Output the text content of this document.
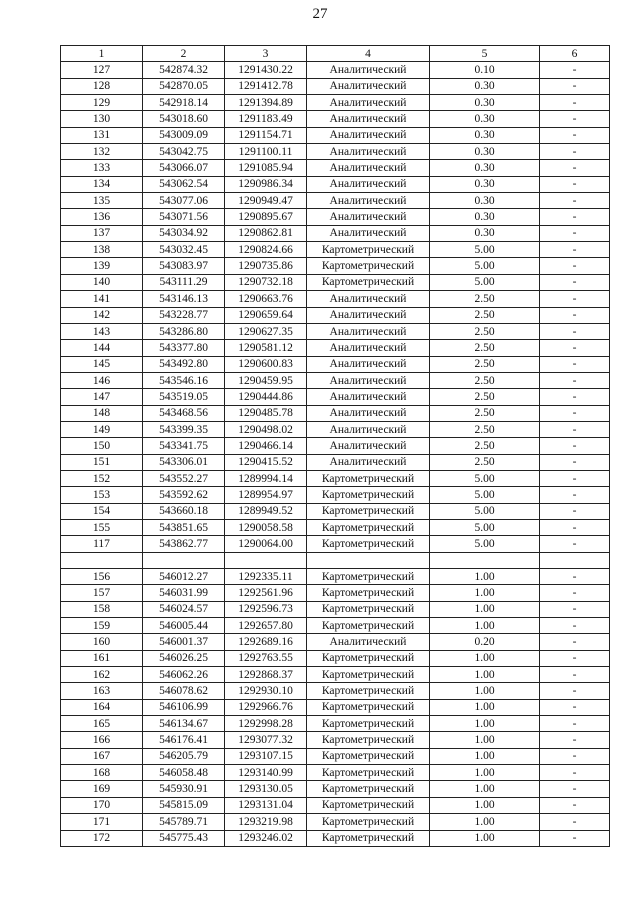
27
1	2	3	4	5	6
127	542874.32	1291430.22	Аналитический	0.10	-
128	542870.05	1291412.78	Аналитический	0.30	-
129	542918.14	1291394.89	Аналитический	0.30	-
130	543018.60	1291183.49	Аналитический	0.30	-
131	543009.09	1291154.71	Аналитический	0.30	-
132	543042.75	1291100.11	Аналитический	0.30	-
133	543066.07	1291085.94	Аналитический	0.30	-
134	543062.54	1290986.34	Аналитический	0.30	-
135	543077.06	1290949.47	Аналитический	0.30	-
136	543071.56	1290895.67	Аналитический	0.30	-
137	543034.92	1290862.81	Аналитический	0.30	-
138	543032.45	1290824.66	Картометрический	5.00	-
139	543083.97	1290735.86	Картометрический	5.00	-
140	543111.29	1290732.18	Картометрический	5.00	-
141	543146.13	1290663.76	Аналитический	2.50	-
142	543228.77	1290659.64	Аналитический	2.50	-
143	543286.80	1290627.35	Аналитический	2.50	-
144	543377.80	1290581.12	Аналитический	2.50	-
145	543492.80	1290600.83	Аналитический	2.50	-
146	543546.16	1290459.95	Аналитический	2.50	-
147	543519.05	1290444.86	Аналитический	2.50	-
148	543468.56	1290485.78	Аналитический	2.50	-
149	543399.35	1290498.02	Аналитический	2.50	-
150	543341.75	1290466.14	Аналитический	2.50	-
151	543306.01	1290415.52	Аналитический	2.50	-
152	543552.27	1289994.14	Картометрический	5.00	-
153	543592.62	1289954.97	Картометрический	5.00	-
154	543660.18	1289949.52	Картометрический	5.00	-
155	543851.65	1290058.58	Картометрический	5.00	-
117	543862.77	1290064.00	Картометрический	5.00	-

156	546012.27	1292335.11	Картометрический	1.00	-
157	546031.99	1292561.96	Картометрический	1.00	-
158	546024.57	1292596.73	Картометрический	1.00	-
159	546005.44	1292657.80	Картометрический	1.00	-
160	546001.37	1292689.16	Аналитический	0.20	-
161	546026.25	1292763.55	Картометрический	1.00	-
162	546062.26	1292868.37	Картометрический	1.00	-
163	546078.62	1292930.10	Картометрический	1.00	-
164	546106.99	1292966.76	Картометрический	1.00	-
165	546134.67	1292998.28	Картометрический	1.00	-
166	546176.41	1293077.32	Картометрический	1.00	-
167	546205.79	1293107.15	Картометрический	1.00	-
168	546058.48	1293140.99	Картометрический	1.00	-
169	545930.91	1293130.05	Картометрический	1.00	-
170	545815.09	1293131.04	Картометрический	1.00	-
171	545789.71	1293219.98	Картометрический	1.00	-
172	545775.43	1293246.02	Картометрический	1.00	-
